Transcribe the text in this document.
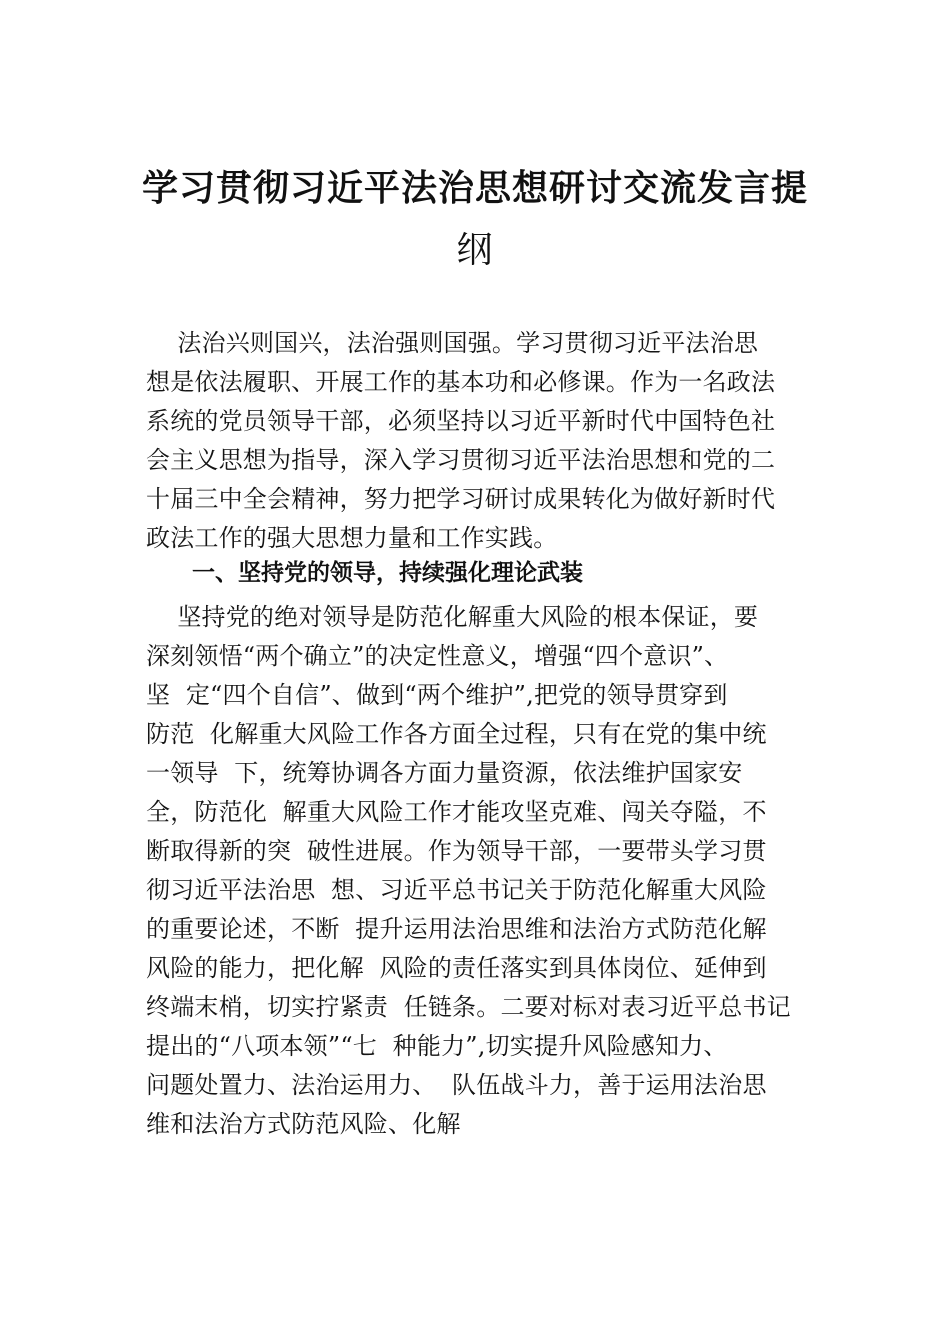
学习贯彻习近平法治思想研讨交流发言提
纲
法治兴则国兴，法治强则国强。学习贯彻习近平法治思
想是依法履职、开展工作的基本功和必修课。作为一名政法
系统的党员领导干部，必须坚持以习近平新时代中国特色社
会主义思想为指导，深入学习贯彻习近平法治思想和党的二
十届三中全会精神，努力把学习研讨成果转化为做好新时代
政法工作的强大思想力量和工作实践。
一、坚持党的领导，持续强化理论武装
坚持党的绝对领导是防范化解重大风险的根本保证，要
深刻领悟“两个确立”的决定性意义，增强“四个意识”、
坚  定“四个自信”、做到“两个维护”,把党的领导贯穿到
防范  化解重大风险工作各方面全过程，只有在党的集中统
一领导  下，统筹协调各方面力量资源，依法维护国家安
全，防范化  解重大风险工作才能攻坚克难、闯关夺隘，不
断取得新的突  破性进展。作为领导干部，一要带头学习贯
彻习近平法治思  想、习近平总书记关于防范化解重大风险
的重要论述，不断  提升运用法治思维和法治方式防范化解
风险的能力，把化解  风险的责任落实到具体岗位、延伸到
终端末梢，切实拧紧责  任链条。二要对标对表习近平总书记
提出的“八项本领”“七  种能力”,切实提升风险感知力、
问题处置力、法治运用力、  队伍战斗力，善于运用法治思
维和法治方式防范风险、化解
